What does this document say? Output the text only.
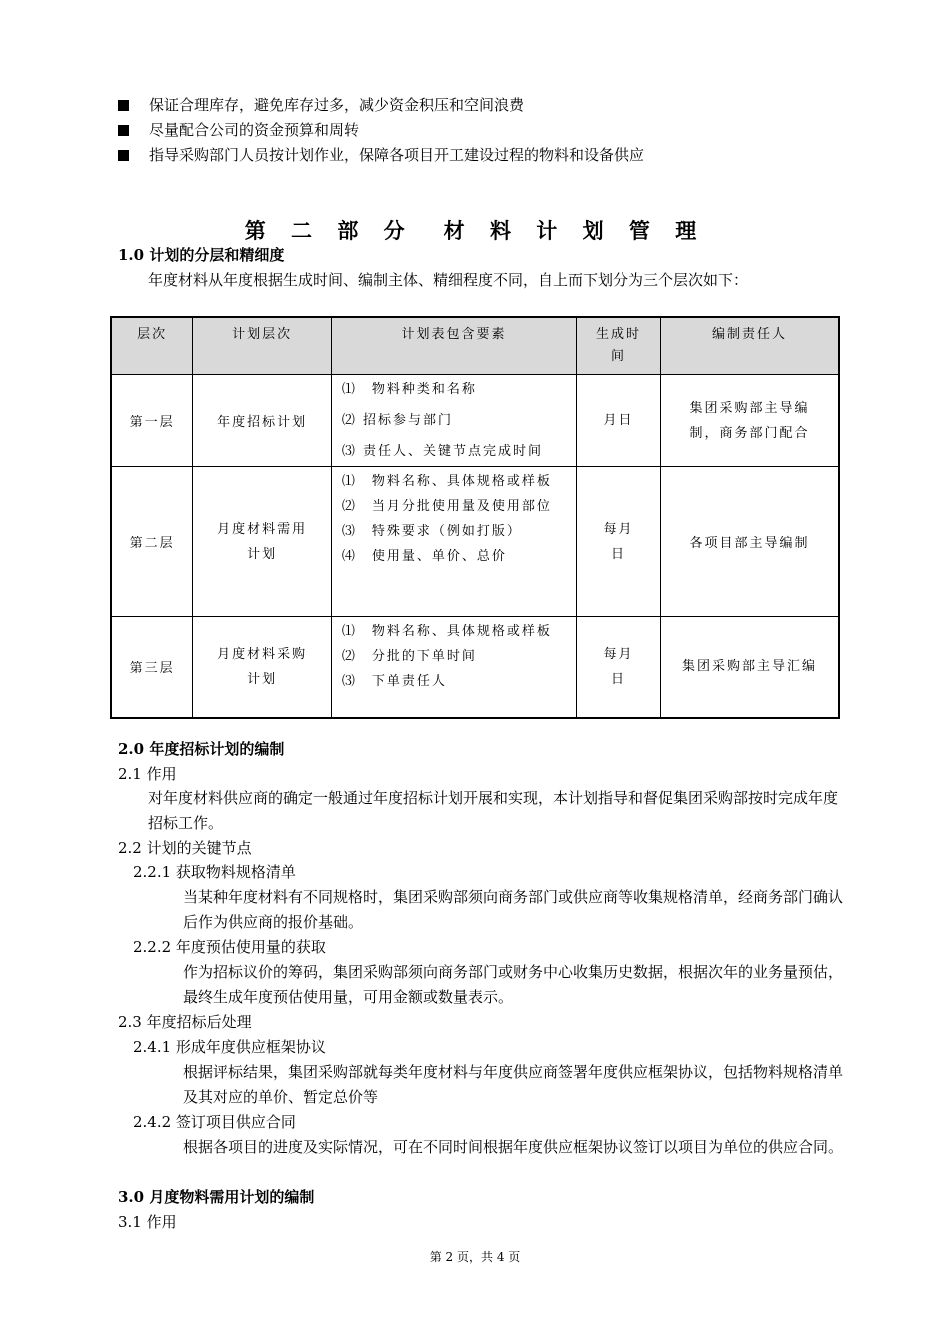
保证合理库存，避免库存过多，减少资金积压和空间浪费
尽量配合公司的资金预算和周转
指导采购部门人员按计划作业，保障各项目开工建设过程的物料和设备供应
第 二 部 分　材 料 计 划 管 理
1.0 计划的分层和精细度
年度材料从年度根据生成时间、编制主体、精细程度不同，自上而下划分为三个层次如下：
层次	计划层次	计划表包含要素	生成时间	编制责任人
第一层	年度招标计划	⑴　物料种类和名称
⑵ 招标参与部门
⑶ 责任人、关键节点完成时间	月日	集团采购部主导编制，商务部门配合
第二层	月度材料需用计划	⑴　物料名称、具体规格或样板
⑵　当月分批使用量及使用部位
⑶　特殊要求（例如打版）
⑷　使用量、单价、总价	每月日	各项目部主导编制
第三层	月度材料采购计划	⑴　物料名称、具体规格或样板
⑵　分批的下单时间
⑶　下单责任人	每月日	集团采购部主导汇编
2.0 年度招标计划的编制
2.1 作用
对年度材料供应商的确定一般通过年度招标计划开展和实现，本计划指导和督促集团采购部按时完成年度招标工作。
2.2 计划的关键节点
2.2.1 获取物料规格清单
当某种年度材料有不同规格时，集团采购部须向商务部门或供应商等收集规格清单，经商务部门确认后作为供应商的报价基础。
2.2.2 年度预估使用量的获取
作为招标议价的筹码，集团采购部须向商务部门或财务中心收集历史数据，根据次年的业务量预估，最终生成年度预估使用量，可用金额或数量表示。
2.3 年度招标后处理
2.4.1 形成年度供应框架协议
根据评标结果，集团采购部就每类年度材料与年度供应商签署年度供应框架协议，包括物料规格清单及其对应的单价、暂定总价等
2.4.2 签订项目供应合同
根据各项目的进度及实际情况，可在不同时间根据年度供应框架协议签订以项目为单位的供应合同。
3.0 月度物料需用计划的编制
3.1 作用
第 2 页，共 4 页
